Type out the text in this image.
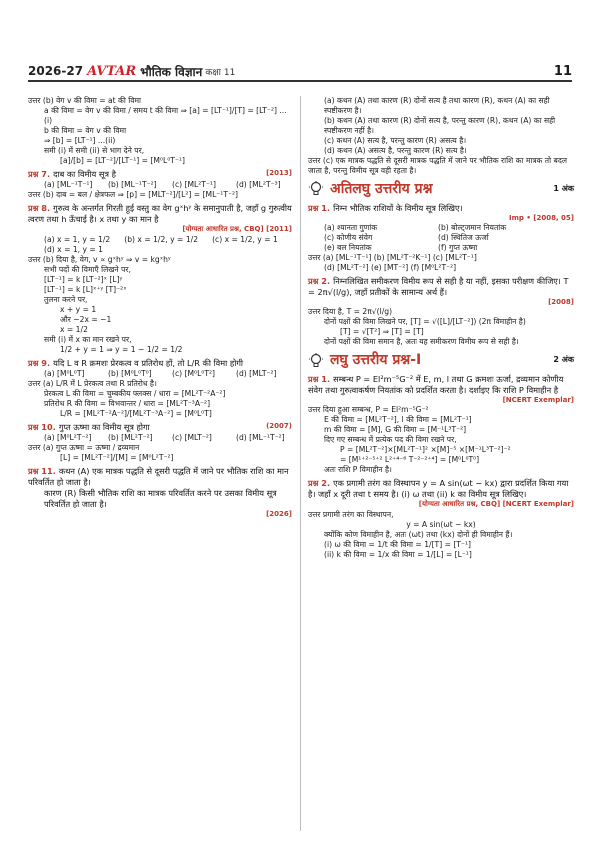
2026-27 AVTAR भौतिक विज्ञान कक्षा 11	11
उत्तर (b) वेग v की विमा = at की विमा
a की विमा = वेग v की विमा / समय t की विमा ⇒ [a] = [LT⁻¹]/[T] = [LT⁻²] ...(i)
b की विमा = वेग v की विमा
⇒ [b] = [LT⁻¹] ...(ii)
समी (i) में समी (ii) से भाग देने पर,
[a]/[b] = [LT⁻²]/[LT⁻¹] = [M⁰L⁰T⁻¹]
प्रश्न 7. दाब का विमीय सूत्र है	[2013]
(a) [ML⁻¹T⁻¹] (b) [ML⁻¹T⁻²] (c) [ML²T⁻¹]	(d) [ML²T⁻³]
उत्तर (b) दाब = बल / क्षेत्रफल ⇒ [p] = [MLT⁻²]/[L²] = [ML⁻¹T⁻²]
प्रश्न 8. गुरुत्व के अन्तर्गत गिरती हुई वस्तु का वेग gˣhʸ के समानुपाती है, जहाँ g गुरुत्वीय त्वरण तथा h ऊँचाई है। x तथा y का मान है
[योग्यता आधारित प्रश्न, CBQ] [2011]
(a) x = 1, y = 1/2 (b) x = 1/2, y = 1/2 (c) x = 1/2, y = 1
(d) x = 1, y = 1
उत्तर (b) दिया है, वेग, v ∝ gˣhʸ ⇒ v = kgˣhʸ
सभी पदों की विमाएँ लिखने पर,
[LT⁻¹] = k [LT⁻²]ˣ [L]ʸ
[LT⁻¹] = k [L]ˣ⁺ʸ [T]⁻²ˣ
तुलना करने पर,
x + y = 1
और −2x = −1
x = 1/2
समी (i) में x का मान रखने पर,
1/2 + y = 1 ⇒ y = 1 − 1/2 = 1/2
प्रश्न 9. यदि L व R क्रमशः प्रेरकत्व व प्रतिरोध हों, तो L/R की विमा होगी
(a) [M⁰L⁰T]	(b) [M⁰L⁰T⁰]	(c) [M⁰L⁰T²]	(d) [MLT⁻²]
उत्तर (a) L/R में L प्रेरकत्व तथा R प्रतिरोध है।
प्रेरकत्व L की विमा = चुम्बकीय फ्लक्स / धारा = [ML²T⁻²A⁻²]
प्रतिरोध R की विमा = विभवान्तर / धारा = [ML²T⁻³A⁻²]
L/R = [ML²T⁻²A⁻²]/[ML²T⁻³A⁻²] = [M⁰L⁰T]
प्रश्न 10. गुप्त ऊष्मा का विमीय सूत्र होगा	(2007)
(a) [M⁰L²T⁻²]	(b) [ML²T⁻²]	(c) [MLT⁻²]	(d) [ML⁻¹T⁻²]
उत्तर (a) गुप्त ऊष्मा = ऊष्मा / द्रव्यमान
[L] = [ML²T⁻²]/[M] = [M⁰L²T⁻²]
प्रश्न 11. कथन (A) एक मात्रक पद्धति से दूसरी पद्धति में जाने पर भौतिक राशि का मान परिवर्तित हो जाता है।
कारण (R) किसी भौतिक राशि का मात्रक परिवर्तित करने पर उसका विमीय सूत्र परिवर्तित हो जाता है।
[2026]
(a) कथन (A) तथा कारण (R) दोनों सत्य है तथा कारण (R), कथन (A) का सही स्पष्टीकरण है।
(b) कथन (A) तथा कारण (R) दोनों सत्य है, परन्तु कारण (R), कथन (A) का सही स्पष्टीकरण नहीं है।
(c) कथन (A) सत्य है, परन्तु कारण (R) असत्य है।
(d) कथन (A) असत्य है, परन्तु कारण (R) सत्य है।
उत्तर (c) एक मात्रक पद्धति से दूसरी मात्रक पद्धति में जाने पर भौतिक राशि का मात्रक तो बदल जाता है, परन्तु विमीय सूत्र वही रहता है।
अतिलघु उत्तरीय प्रश्न	1 अंक
प्रश्न 1. निम्न भौतिक राशियों के विमीय सूत्र लिखिए।
Imp • [2008, 05]
(a) श्यानता गुणांक	(b) बोल्ट्जमान नियतांक
(c) कोणीय संवेग	(d) स्थितिज ऊर्जा
(e) बल नियतांक	(f) गुप्त ऊष्मा
उत्तर (a) [ML⁻¹T⁻¹] (b) [ML²T⁻²K⁻¹] (c) [ML²T⁻¹]
(d) [ML²T⁻²] (e) [MT⁻²] (f) [M⁰L²T⁻²]
प्रश्न 2. निम्नलिखित समीकरण विमीय रूप से सही है या नहीं, इसका परीक्षण कीजिए। T = 2π√(l/g), जहाँ प्रतीकों के सामान्य अर्थ हैं।
[2008]
उत्तर दिया है, T = 2π√(l/g)
दोनों पक्षों की विमा लिखने पर, [T] = √([L]/[LT⁻²]) (2π विमाहीन है)
[T] = √[T²] ⇒ [T] = [T]
दोनों पक्षों की विमा समान है, अतः यह समीकरण विमीय रूप से सही है।
लघु उत्तरीय प्रश्न-I	2 अंक
प्रश्न 1. सम्बन्ध P = El²m⁻⁵G⁻² में E, m, l तथा G क्रमशः ऊर्जा, द्रव्यमान कोणीय संवेग तथा गुरुत्वाकर्षण नियतांक को प्रदर्शित करता है। दर्शाइए कि राशि P विमाहीन है
[NCERT Exemplar]
उत्तर दिया हुआ सम्बन्ध, P = El²m⁻⁵G⁻²
E की विमा = [ML²T⁻²], l की विमा = [ML²T⁻¹]
m की विमा = [M], G की विमा = [M⁻¹L³T⁻²]
दिए गए सम्बन्ध में प्रत्येक पद की विमा रखने पर,
P = [ML²T⁻²]×[ML²T⁻¹]² ×[M]⁻⁵ ×[M⁻¹L³T⁻²]⁻²
= [M¹⁺²⁻⁵⁺² L²⁺⁴⁻⁶ T⁻²⁻²⁺⁴] = [M⁰L⁰T⁰]
अतः राशि P विमाहीन है।
प्रश्न 2. एक प्रगामी तरंग का विस्थापन y = A sin(ωt − kx) द्वारा प्रदर्शित किया गया है। जहाँ x दूरी तथा t समय है। (i) ω तथा (ii) k का विमीय सूत्र लिखिए।
[योग्यता आधारित प्रश्न, CBQ] [NCERT Exemplar]
उत्तर प्रगामी तरंग का विस्थापन,
y = A sin(ωt − kx)
क्योंकि कोण विमाहीन है, अतः (ωt) तथा (kx) दोनों ही विमाहीन हैं।
(i) ω की विमा = 1/t की विमा = 1/[T] = [T⁻¹]
(ii) k की विमा = 1/x की विमा = 1/[L] = [L⁻¹]
